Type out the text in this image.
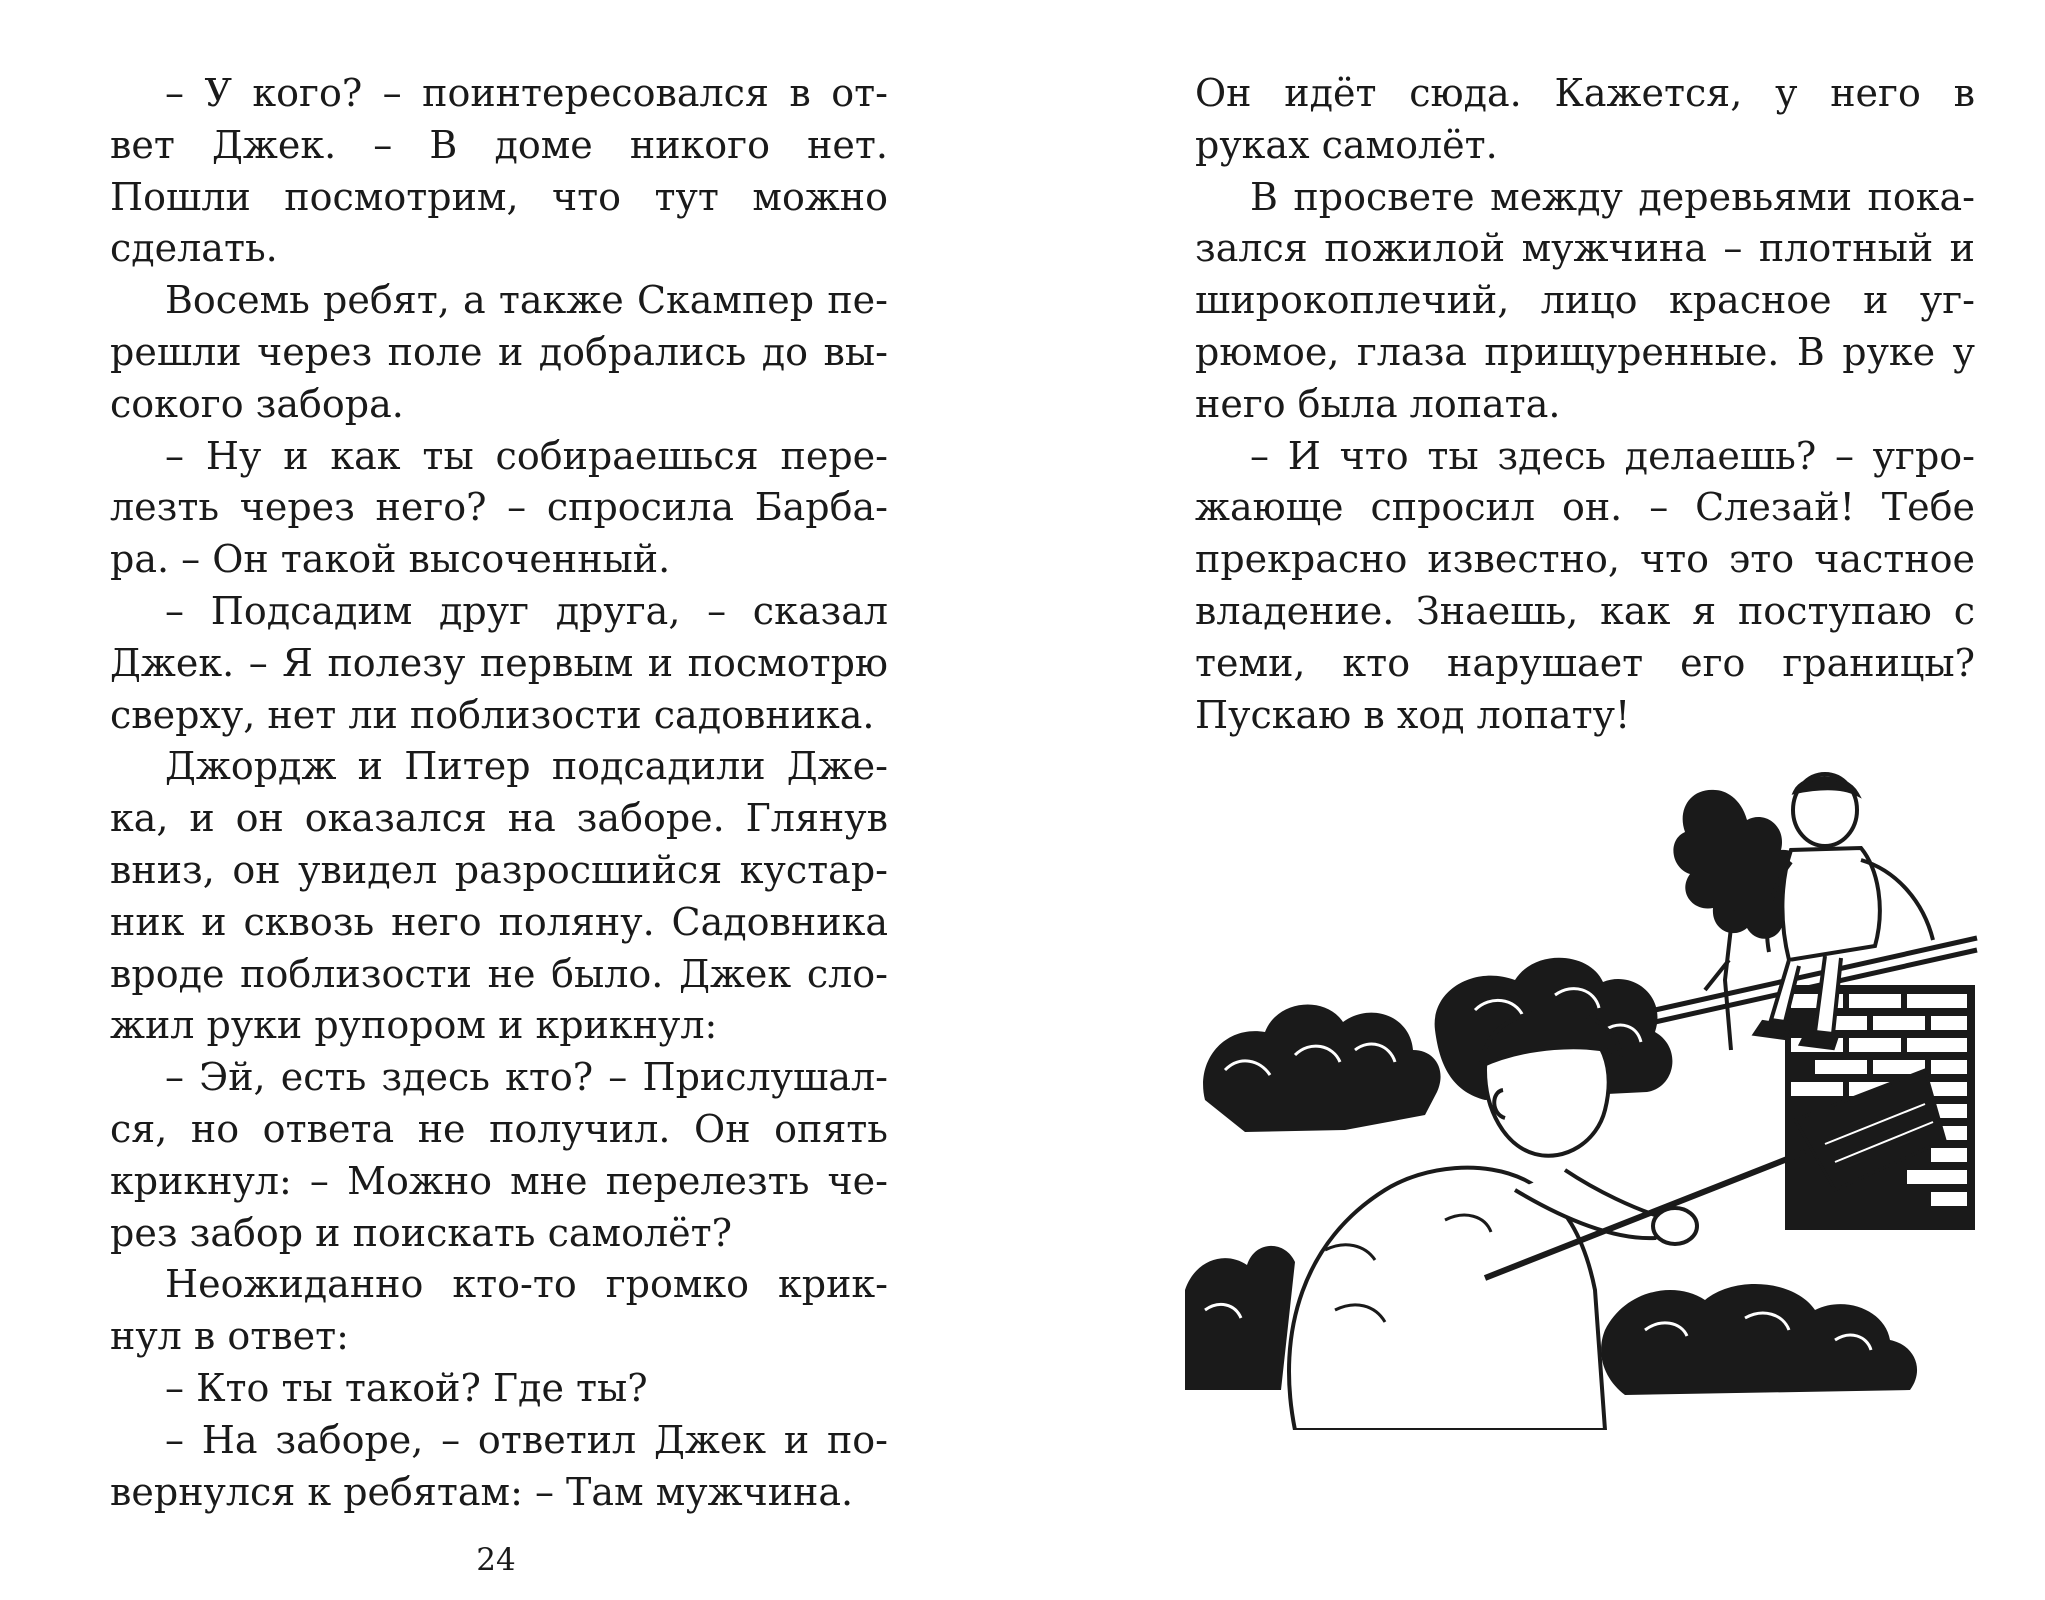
– У кого? – поинтересовался в ответ Джек. – В доме никого нет. Пошли посмотрим, что тут можно сделать.

Восемь ребят, а также Скампер перешли через поле и добрались до высокого забора.

– Ну и как ты собираешься перелезть через него? – спросила Барбара. – Он такой высоченный.

– Подсадим друг друга, – сказал Джек. – Я полезу первым и посмотрю сверху, нет ли поблизости садовника.

Джордж и Питер подсадили Джека, и он оказался на заборе. Глянув вниз, он увидел разросшийся кустарник и сквозь него поляну. Садовника вроде поблизости не было. Джек сложил руки рупором и крикнул:

– Эй, есть здесь кто? – Прислушался, но ответа не получил. Он опять крикнул: – Можно мне перелезть через забор и поискать самолёт?

Неожиданно кто-то громко крикнул в ответ:

– Кто ты такой? Где ты?

– На заборе, – ответил Джек и повернулся к ребятам: – Там мужчина.

24

Он идёт сюда. Кажется, у него в руках самолёт.

В просвете между деревьями показался пожилой мужчина – плотный и широкоплечий, лицо красное и угрюмое, глаза прищуренные. В руке у него была лопата.

– И что ты здесь делаешь? – угрожающе спросил он. – Слезай! Тебе прекрасно известно, что это частное владение. Знаешь, как я поступаю с теми, кто нарушает его границы? Пускаю в ход лопату!
